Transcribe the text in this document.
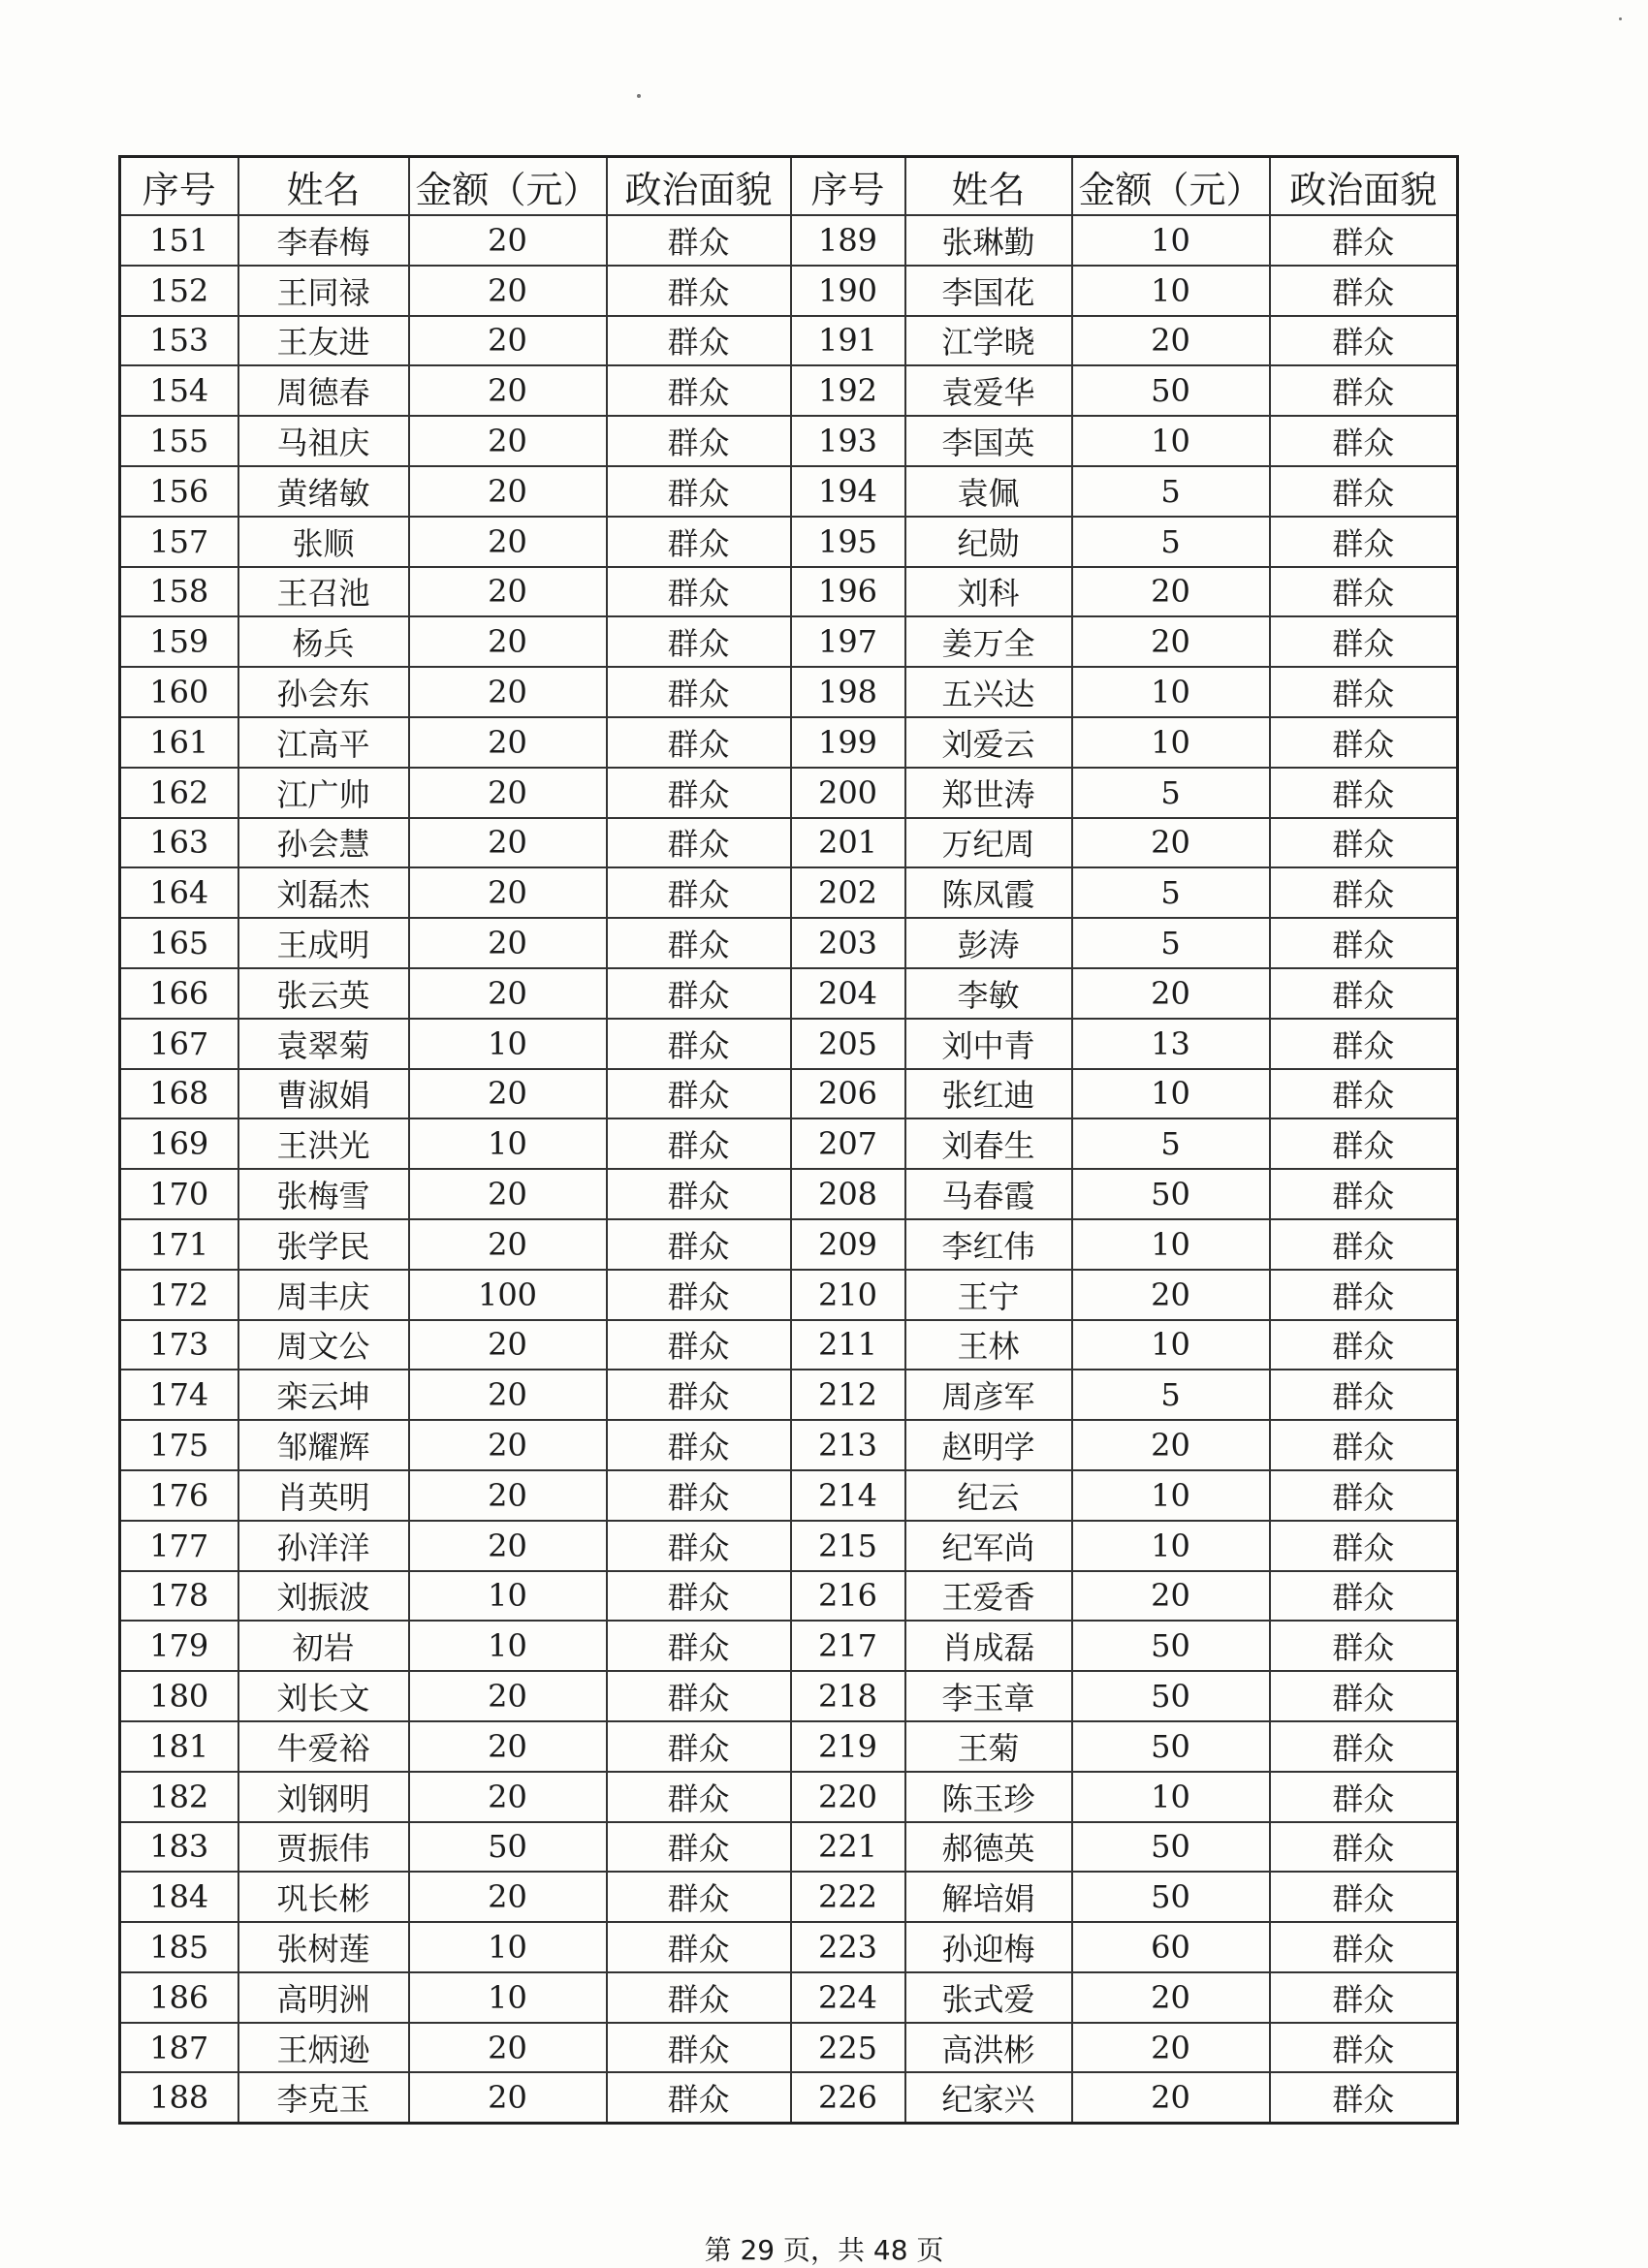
序号	姓名	金额（元）	政治面貌	序号	姓名	金额（元）	政治面貌
151	李春梅	20	群众	189	张琳勤	10	群众
152	王同禄	20	群众	190	李国花	10	群众
153	王友进	20	群众	191	江学晓	20	群众
154	周德春	20	群众	192	袁爱华	50	群众
155	马祖庆	20	群众	193	李国英	10	群众
156	黄绪敏	20	群众	194	袁佩	5	群众
157	张顺	20	群众	195	纪勋	5	群众
158	王召池	20	群众	196	刘科	20	群众
159	杨兵	20	群众	197	姜万全	20	群众
160	孙会东	20	群众	198	五兴达	10	群众
161	江高平	20	群众	199	刘爱云	10	群众
162	江广帅	20	群众	200	郑世涛	5	群众
163	孙会慧	20	群众	201	万纪周	20	群众
164	刘磊杰	20	群众	202	陈凤霞	5	群众
165	王成明	20	群众	203	彭涛	5	群众
166	张云英	20	群众	204	李敏	20	群众
167	袁翠菊	10	群众	205	刘中青	13	群众
168	曹淑娟	20	群众	206	张红迪	10	群众
169	王洪光	10	群众	207	刘春生	5	群众
170	张梅雪	20	群众	208	马春霞	50	群众
171	张学民	20	群众	209	李红伟	10	群众
172	周丰庆	100	群众	210	王宁	20	群众
173	周文公	20	群众	211	王林	10	群众
174	栾云坤	20	群众	212	周彦军	5	群众
175	邹耀辉	20	群众	213	赵明学	20	群众
176	肖英明	20	群众	214	纪云	10	群众
177	孙洋洋	20	群众	215	纪军尚	10	群众
178	刘振波	10	群众	216	王爱香	20	群众
179	初岩	10	群众	217	肖成磊	50	群众
180	刘长文	20	群众	218	李玉章	50	群众
181	牛爱裕	20	群众	219	王菊	50	群众
182	刘钢明	20	群众	220	陈玉珍	10	群众
183	贾振伟	50	群众	221	郝德英	50	群众
184	巩长彬	20	群众	222	解培娟	50	群众
185	张树莲	10	群众	223	孙迎梅	60	群众
186	高明洲	10	群众	224	张式爱	20	群众
187	王炳逊	20	群众	225	高洪彬	20	群众
188	李克玉	20	群众	226	纪家兴	20	群众
第 29 页，共 48 页
